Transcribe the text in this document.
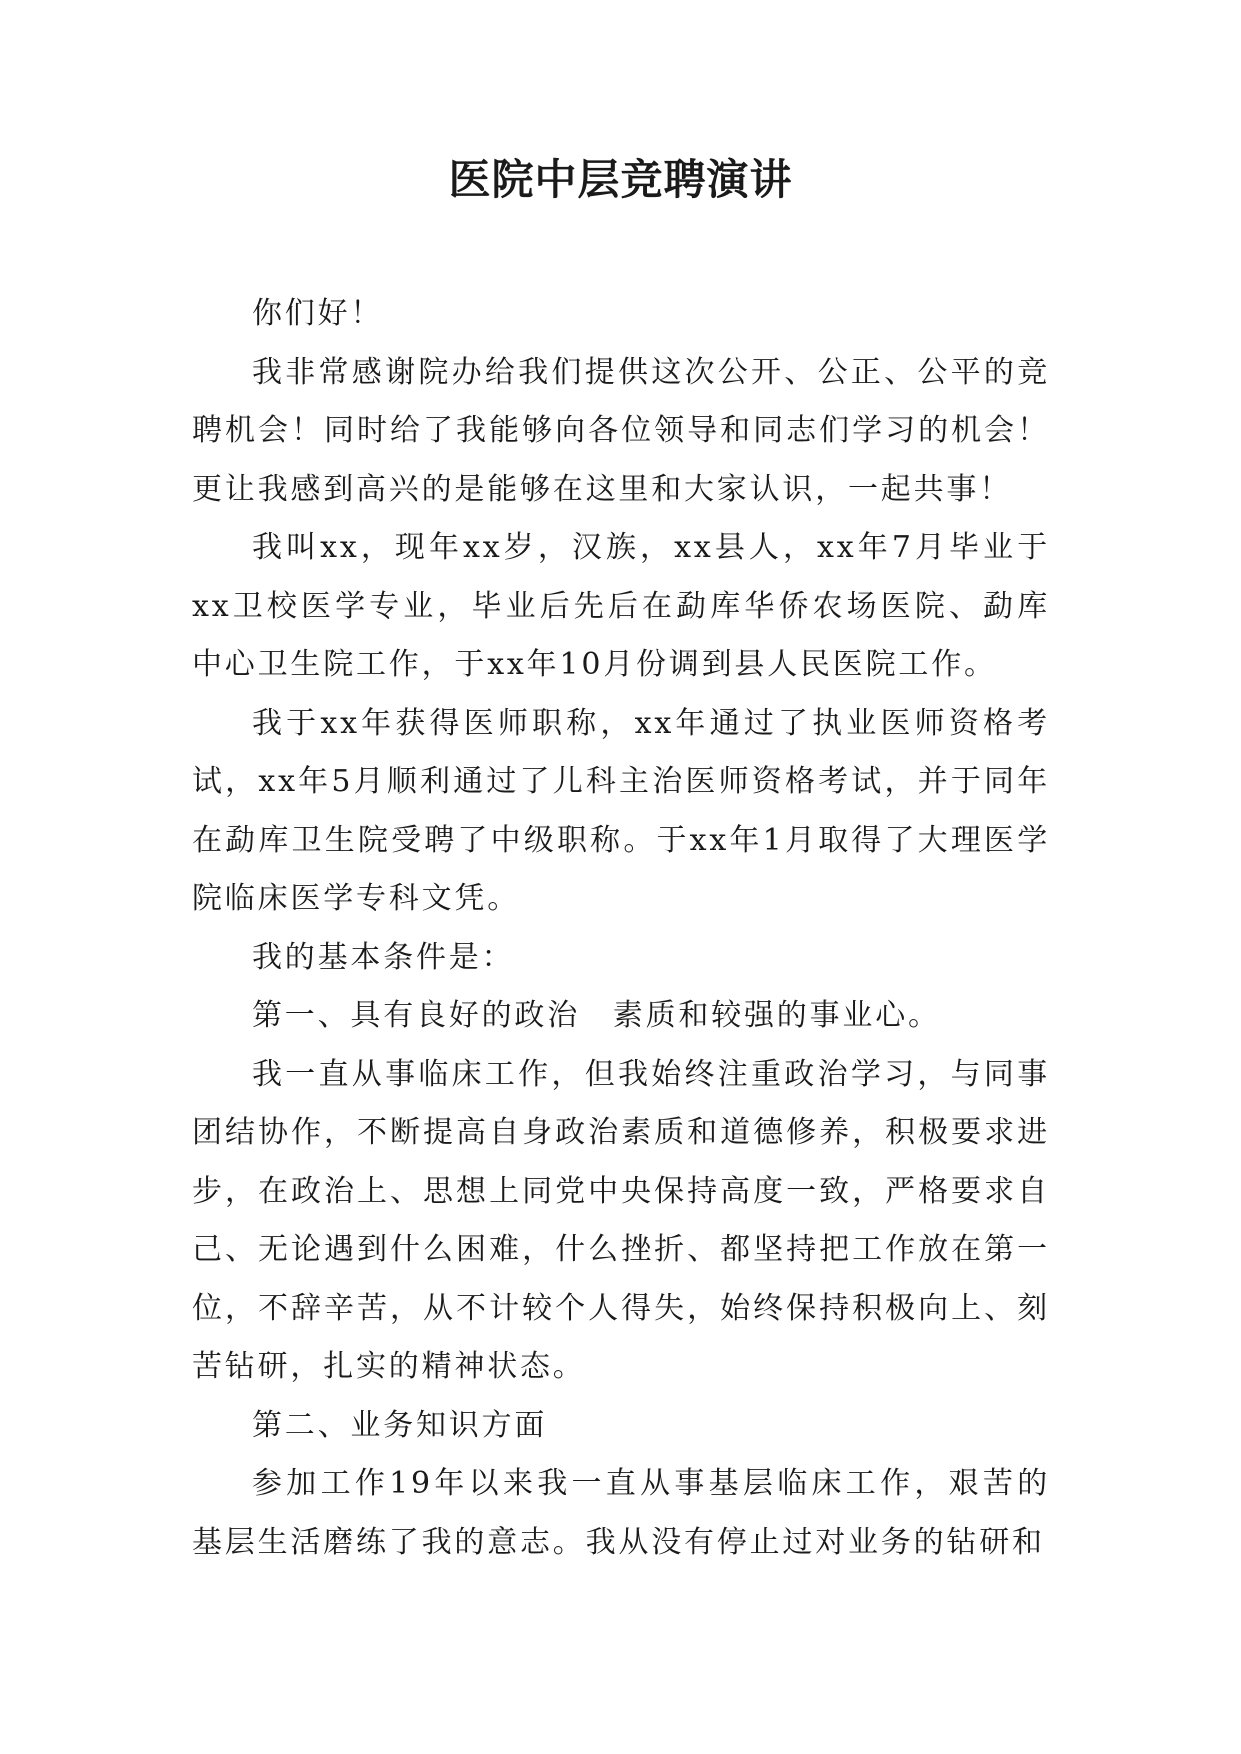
医院中层竞聘演讲

你们好！

我非常感谢院办给我们提供这次公开、公正、公平的竞聘机会！同时给了我能够向各位领导和同志们学习的机会！更让我感到高兴的是能够在这里和大家认识，一起共事！

我叫xx，现年xx岁，汉族，xx县人，xx年7月毕业于xx卫校医学专业，毕业后先后在勐库华侨农场医院、勐库中心卫生院工作，于xx年10月份调到县人民医院工作。

我于xx年获得医师职称，xx年通过了执业医师资格考试，xx年5月顺利通过了儿科主治医师资格考试，并于同年在勐库卫生院受聘了中级职称。于xx年1月取得了大理医学院临床医学专科文凭。

我的基本条件是：

第一、具有良好的政治　素质和较强的事业心。

我一直从事临床工作，但我始终注重政治学习，与同事团结协作，不断提高自身政治素质和道德修养，积极要求进步，在政治上、思想上同党中央保持高度一致，严格要求自己、无论遇到什么困难，什么挫折、都坚持把工作放在第一位，不辞辛苦，从不计较个人得失，始终保持积极向上、刻苦钻研，扎实的精神状态。

第二、业务知识方面

参加工作19年以来我一直从事基层临床工作，艰苦的基层生活磨练了我的意志。我从没有停止过对业务的钻研和
